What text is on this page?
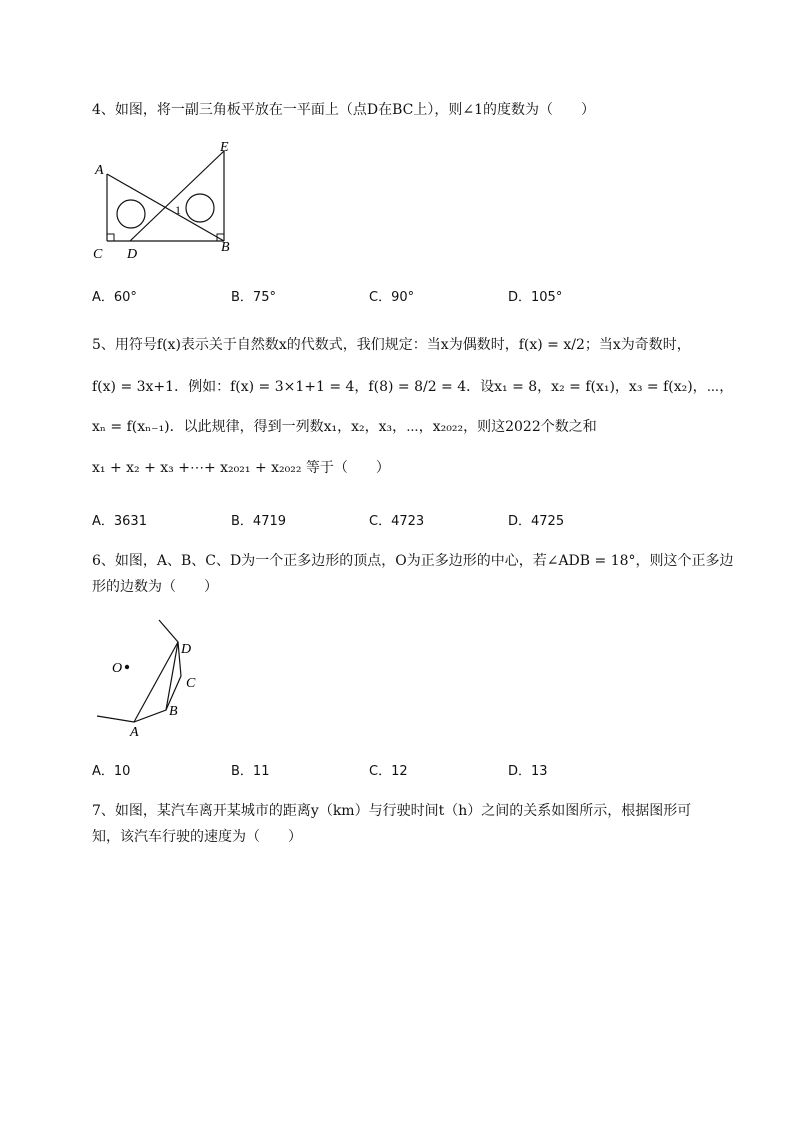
4、如图，将一副三角板平放在一平面上（点D在BC上），则∠1的度数为（　　）
A
C D	B
E
1
A．60°	B．75°	C．90°	D．105°
5、用符号f(x)表示关于自然数x的代数式，我们规定：当x为偶数时，f(x) = x/2；当x为奇数时，
f(x) = 3x+1．例如：f(x) = 3×1+1 = 4，f(8) = 8/2 = 4．设x₁ = 8，x₂ = f(x₁)，x₃ = f(x₂)，⋯，
xₙ = f(xₙ₋₁)．以此规律，得到一列数x₁，x₂，x₃，⋯，x₂₀₂₂，则这2022个数之和
x₁ + x₂ + x₃ +⋯+ x₂₀₂₁ + x₂₀₂₂ 等于（　　）
A．3631	B．4719	C．4723	D．4725
6、如图，A、B、C、D为一个正多边形的顶点，O为正多边形的中心，若∠ADB = 18°，则这个正多边
形的边数为（　　）
O
A
B
C
D
A．10	B．11	C．12	D．13
7、如图，某汽车离开某城市的距离y（km）与行驶时间t（h）之间的关系如图所示，根据图形可
知，该汽车行驶的速度为（　　）
